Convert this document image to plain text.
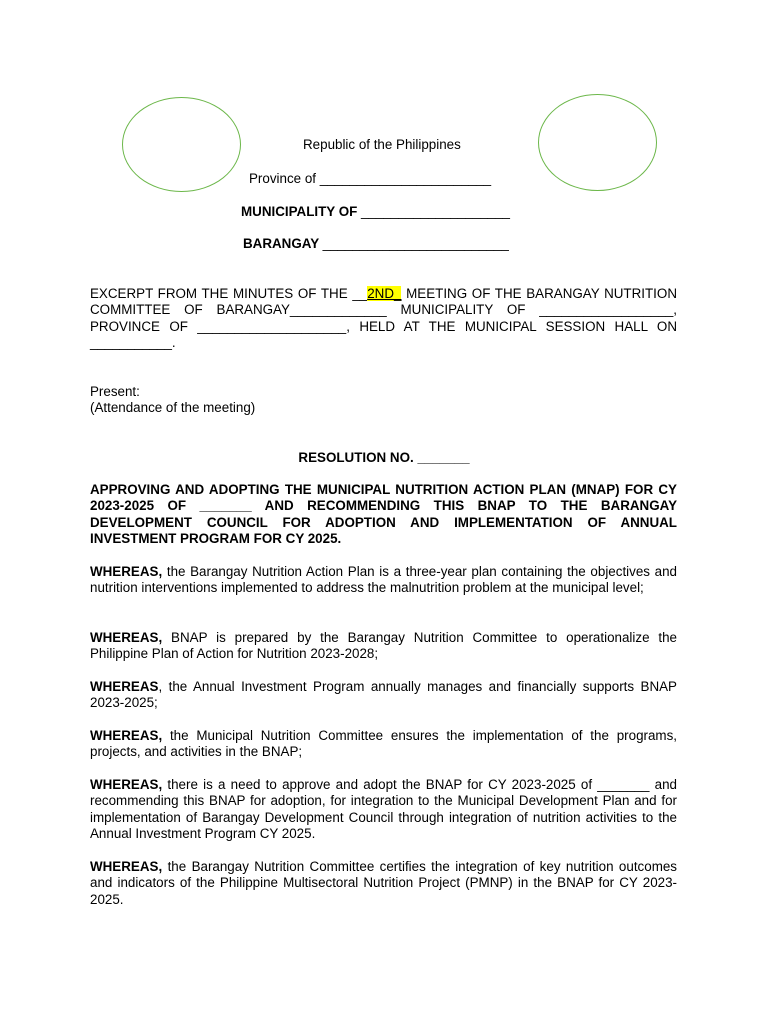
Republic of the Philippines
Province of _______________________
MUNICIPALITY OF ____________________
BARANGAY _________________________
EXCERPT FROM THE MINUTES OF THE __2ND_ MEETING OF THE BARANGAY NUTRITION COMMITTEE OF BARANGAY_____________ MUNICIPALITY OF __________________, PROVINCE OF ____________________, HELD AT THE MUNICIPAL SESSION HALL ON ___________.

Present:

(Attendance of the meeting)

RESOLUTION NO. _______
APPROVING AND ADOPTING THE MUNICIPAL NUTRITION ACTION PLAN (MNAP) FOR CY 2023-2025 OF _______ AND RECOMMENDING THIS BNAP TO THE BARANGAY DEVELOPMENT COUNCIL FOR ADOPTION AND IMPLEMENTATION OF ANNUAL INVESTMENT PROGRAM FOR CY 2025.
WHEREAS, the Barangay Nutrition Action Plan is a three-year plan containing the objectives and nutrition interventions implemented to address the malnutrition problem at the municipal level;
WHEREAS, BNAP is prepared by the Barangay Nutrition Committee to operationalize the Philippine Plan of Action for Nutrition 2023-2028;
WHEREAS, the Annual Investment Program annually manages and financially supports BNAP 2023-2025;
WHEREAS, the Municipal Nutrition Committee ensures the implementation of the programs, projects, and activities in the BNAP;
WHEREAS, there is a need to approve and adopt the BNAP for CY 2023-2025 of _______ and recommending this BNAP for adoption, for integration to the Municipal Development Plan and for implementation of Barangay Development Council through integration of nutrition activities to the Annual Investment Program CY 2025.
WHEREAS, the Barangay Nutrition Committee certifies the integration of key nutrition outcomes and indicators of the Philippine Multisectoral Nutrition Project (PMNP) in the BNAP for CY 2023-2025.
